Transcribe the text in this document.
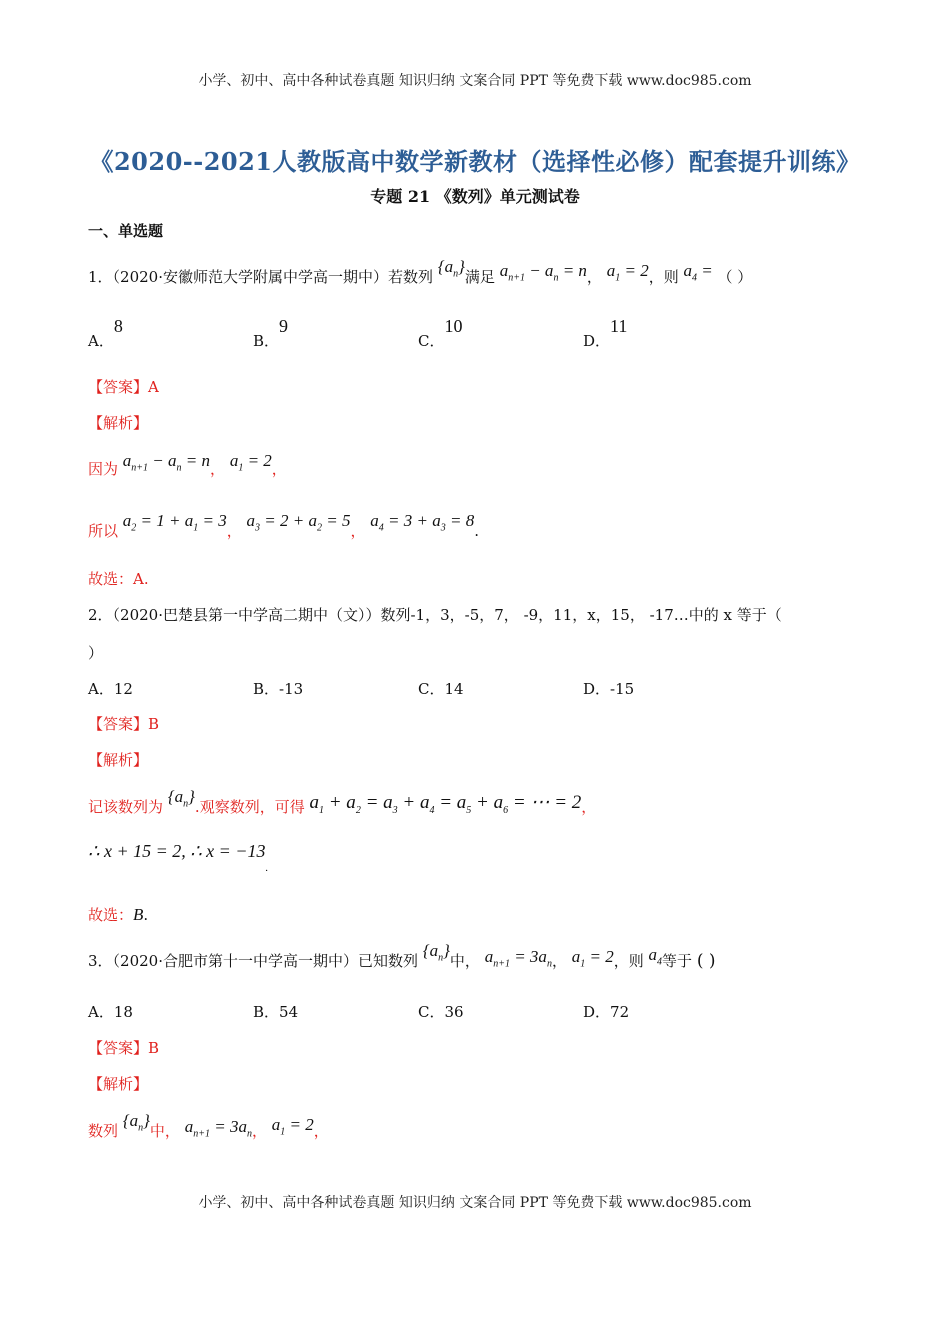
小学、初中、高中各种试卷真题 知识归纳 文案合同 PPT 等免费下载 www.doc985.com
《2020--2021人教版高中数学新教材（选择性必修）配套提升训练》
专题 21 《数列》单元测试卷
一、单选题
1．（2020·安徽师范大学附属中学高一期中）若数列 $\{a_n\}$满足 $a_{n+1} - a_n = n$， $a_1 = 2$，则 $a_4$ = （ ）
A．8
B．9
C．10
D．11
【答案】A
【解析】
因为 $a_{n+1} - a_n = n$， $a_1 = 2$，
所以 $a_2 = 1 + a_1 = 3$， $a_3 = 2 + a_2 = 5$， $a_4 = 3 + a_3 = 8$.
故选：A.
2．（2020·巴楚县第一中学高二期中（文））数列-1，3，-5，7， -9，11，x，15， -17…中的 x 等于（
）
A．12	B．-13	C．14	D．-15
【答案】B
【解析】
记该数列为 $\{a_n\}$.观察数列，可得 $a_1 + a_2 = a_3 + a_4 = a_5 + a_6$ = ⋯ = 2，
∴ x + 15 = 2, ∴ $x = -13_.$
故选：B.
3．（2020·合肥市第十一中学高一期中）已知数列 $\{a_n\}$中， $a_{n+1} = 3a_n$， $a_1 = 2$，则 $a_4$等于 ( )
A．18	B．54	C．36	D．72
【答案】B
【解析】
数列 $\{a_n\}$中， $a_{n+1} = 3a_n$， $a_1 = 2$，
小学、初中、高中各种试卷真题 知识归纳 文案合同 PPT 等免费下载 www.doc985.com
